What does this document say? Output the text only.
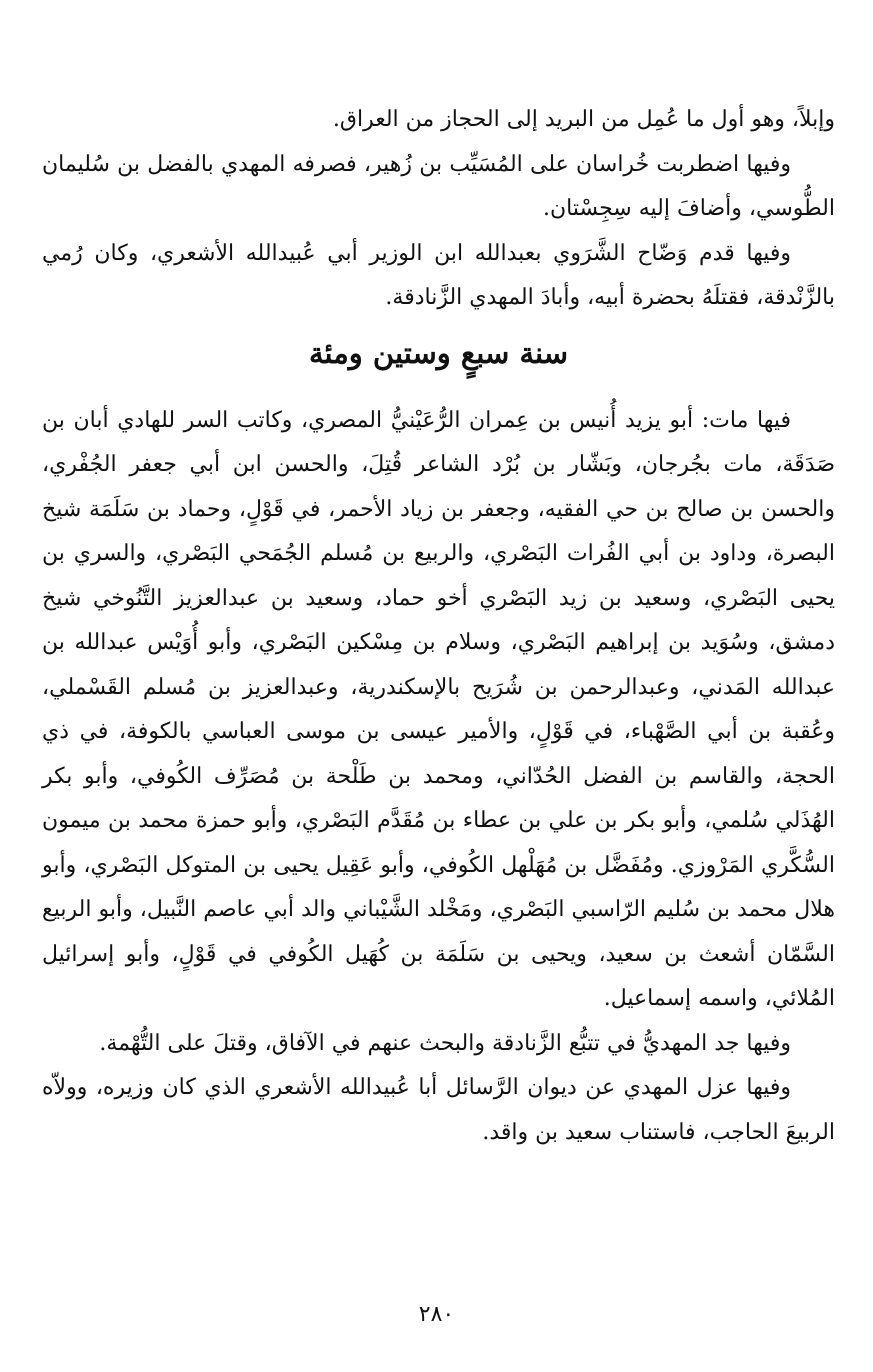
وإبلاً، وهو أول ما عُمِل من البريد إلى الحجاز من العراق.

وفيها اضطربت خُراسان على المُسَيِّب بن زُهير، فصرفه المهدي بالفضل بن سُليمان الطُّوسي، وأضافَ إليه سِجِسْتان.

وفيها قدم وَضّاح الشَّرَوي بعبدالله ابن الوزير أبي عُبيدالله الأشعري، وكان رُمي بالزَّنْدقة، فقتلَهُ بحضرة أبيه، وأبادَ المهدي الزَّنادقة.

سنة سبعٍ وستين ومئة

فيها مات: أبو يزيد أُنيس بن عِمران الرُّعَيْنيُّ المصري، وكاتب السر للهادي أبان بن صَدَقَة، مات بجُرجان، وبَشّار بن بُرْد الشاعر قُتِلَ، والحسن ابن أبي جعفر الجُفْري، والحسن بن صالح بن حي الفقيه، وجعفر بن زياد الأحمر، في قَوْلٍ، وحماد بن سَلَمَة شيخ البصرة، وداود بن أبي الفُرات البَصْري، والربيع بن مُسلم الجُمَحي البَصْري، والسري بن يحيى البَصْري، وسعيد بن زيد البَصْري أخو حماد، وسعيد بن عبدالعزيز التَّنُوخي شيخ دمشق، وسُوَيد بن إبراهيم البَصْري، وسلام بن مِسْكين البَصْري، وأبو أُوَيْس عبدالله بن عبدالله المَدني، وعبدالرحمن بن شُرَيح بالإسكندرية، وعبدالعزيز بن مُسلم القَسْملي، وعُقبة بن أبي الصَّهْباء، في قَوْلٍ، والأمير عيسى بن موسى العباسي بالكوفة، في ذي الحجة، والقاسم بن الفضل الحُدّاني، ومحمد بن طَلْحة بن مُصَرِّف الكُوفي، وأبو بكر الهُذَلي سُلمي، وأبو بكر بن علي بن عطاء بن مُقَدَّم البَصْري، وأبو حمزة محمد بن ميمون السُّكَّري المَرْوزي. ومُفَضَّل بن مُهَلْهل الكُوفي، وأبو عَقِيل يحيى بن المتوكل البَصْري، وأبو هلال محمد بن سُليم الرّاسبي البَصْري، ومَخْلد الشَّيْباني والد أبي عاصم النَّبيل، وأبو الربيع السَّمّان أشعث بن سعيد، ويحيى بن سَلَمَة بن كُهَيل الكُوفي في قَوْلٍ، وأبو إسرائيل المُلائي، واسمه إسماعيل.

وفيها جد المهديُّ في تتبُّع الزَّنادقة والبحث عنهم في الآفاق، وقتلَ على التُّهْمة.

وفيها عزل المهدي عن ديوان الرَّسائل أبا عُبيدالله الأشعري الذي كان وزيره، وولاّه الربيعَ الحاجب، فاستناب سعيد بن واقد.

٢٨٠
